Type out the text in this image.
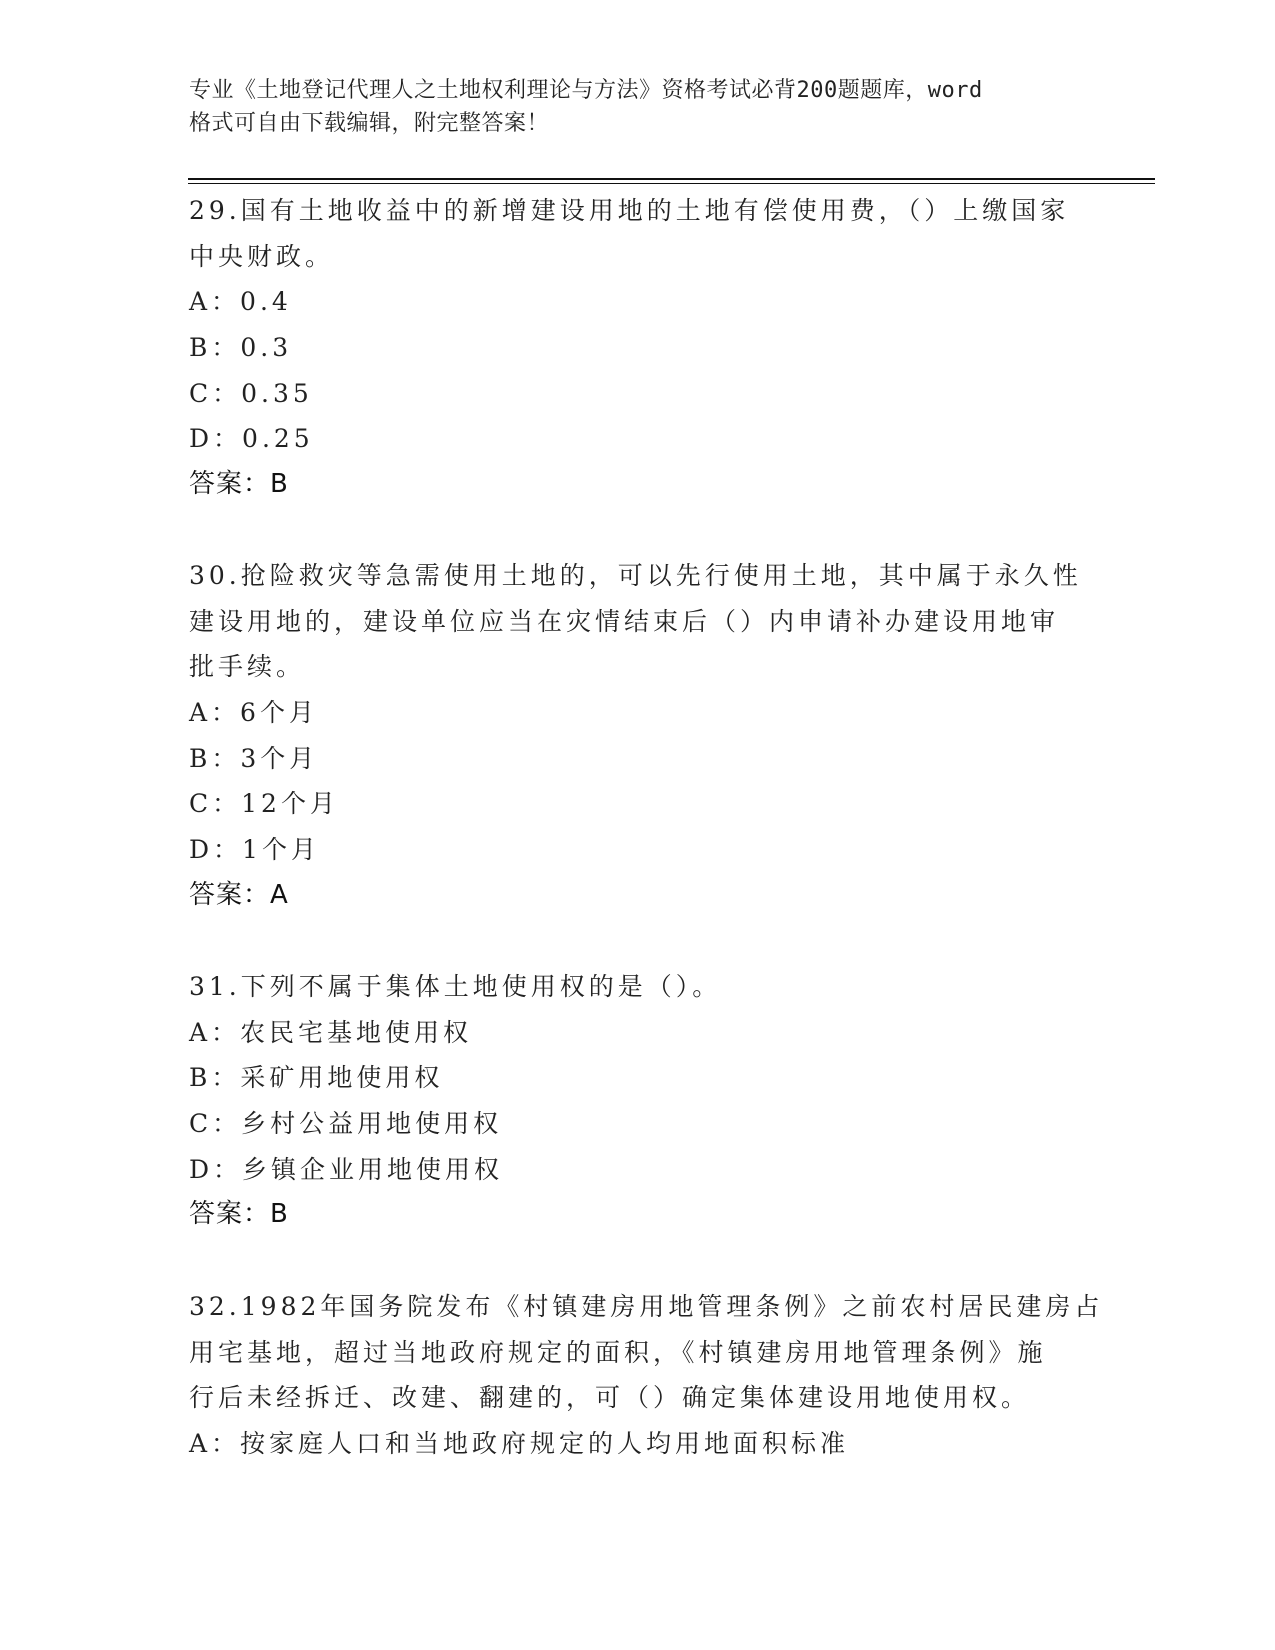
专业《土地登记代理人之土地权利理论与方法》资格考试必背200题题库，word
格式可自由下载编辑，附完整答案！
29.国有土地收益中的新增建设用地的土地有偿使用费，（）上缴国家
中央财政。
A：0.4
B：0.3
C：0.35
D：0.25
答案：B
30.抢险救灾等急需使用土地的，可以先行使用土地，其中属于永久性
建设用地的，建设单位应当在灾情结束后（）内申请补办建设用地审
批手续。
A：6个月
B：3个月
C：12个月
D：1个月
答案：A
31.下列不属于集体土地使用权的是（）。
A：农民宅基地使用权
B：采矿用地使用权
C：乡村公益用地使用权
D：乡镇企业用地使用权
答案：B
32.1982年国务院发布《村镇建房用地管理条例》之前农村居民建房占
用宅基地，超过当地政府规定的面积，《村镇建房用地管理条例》施
行后未经拆迁、改建、翻建的，可（）确定集体建设用地使用权。
A：按家庭人口和当地政府规定的人均用地面积标准
